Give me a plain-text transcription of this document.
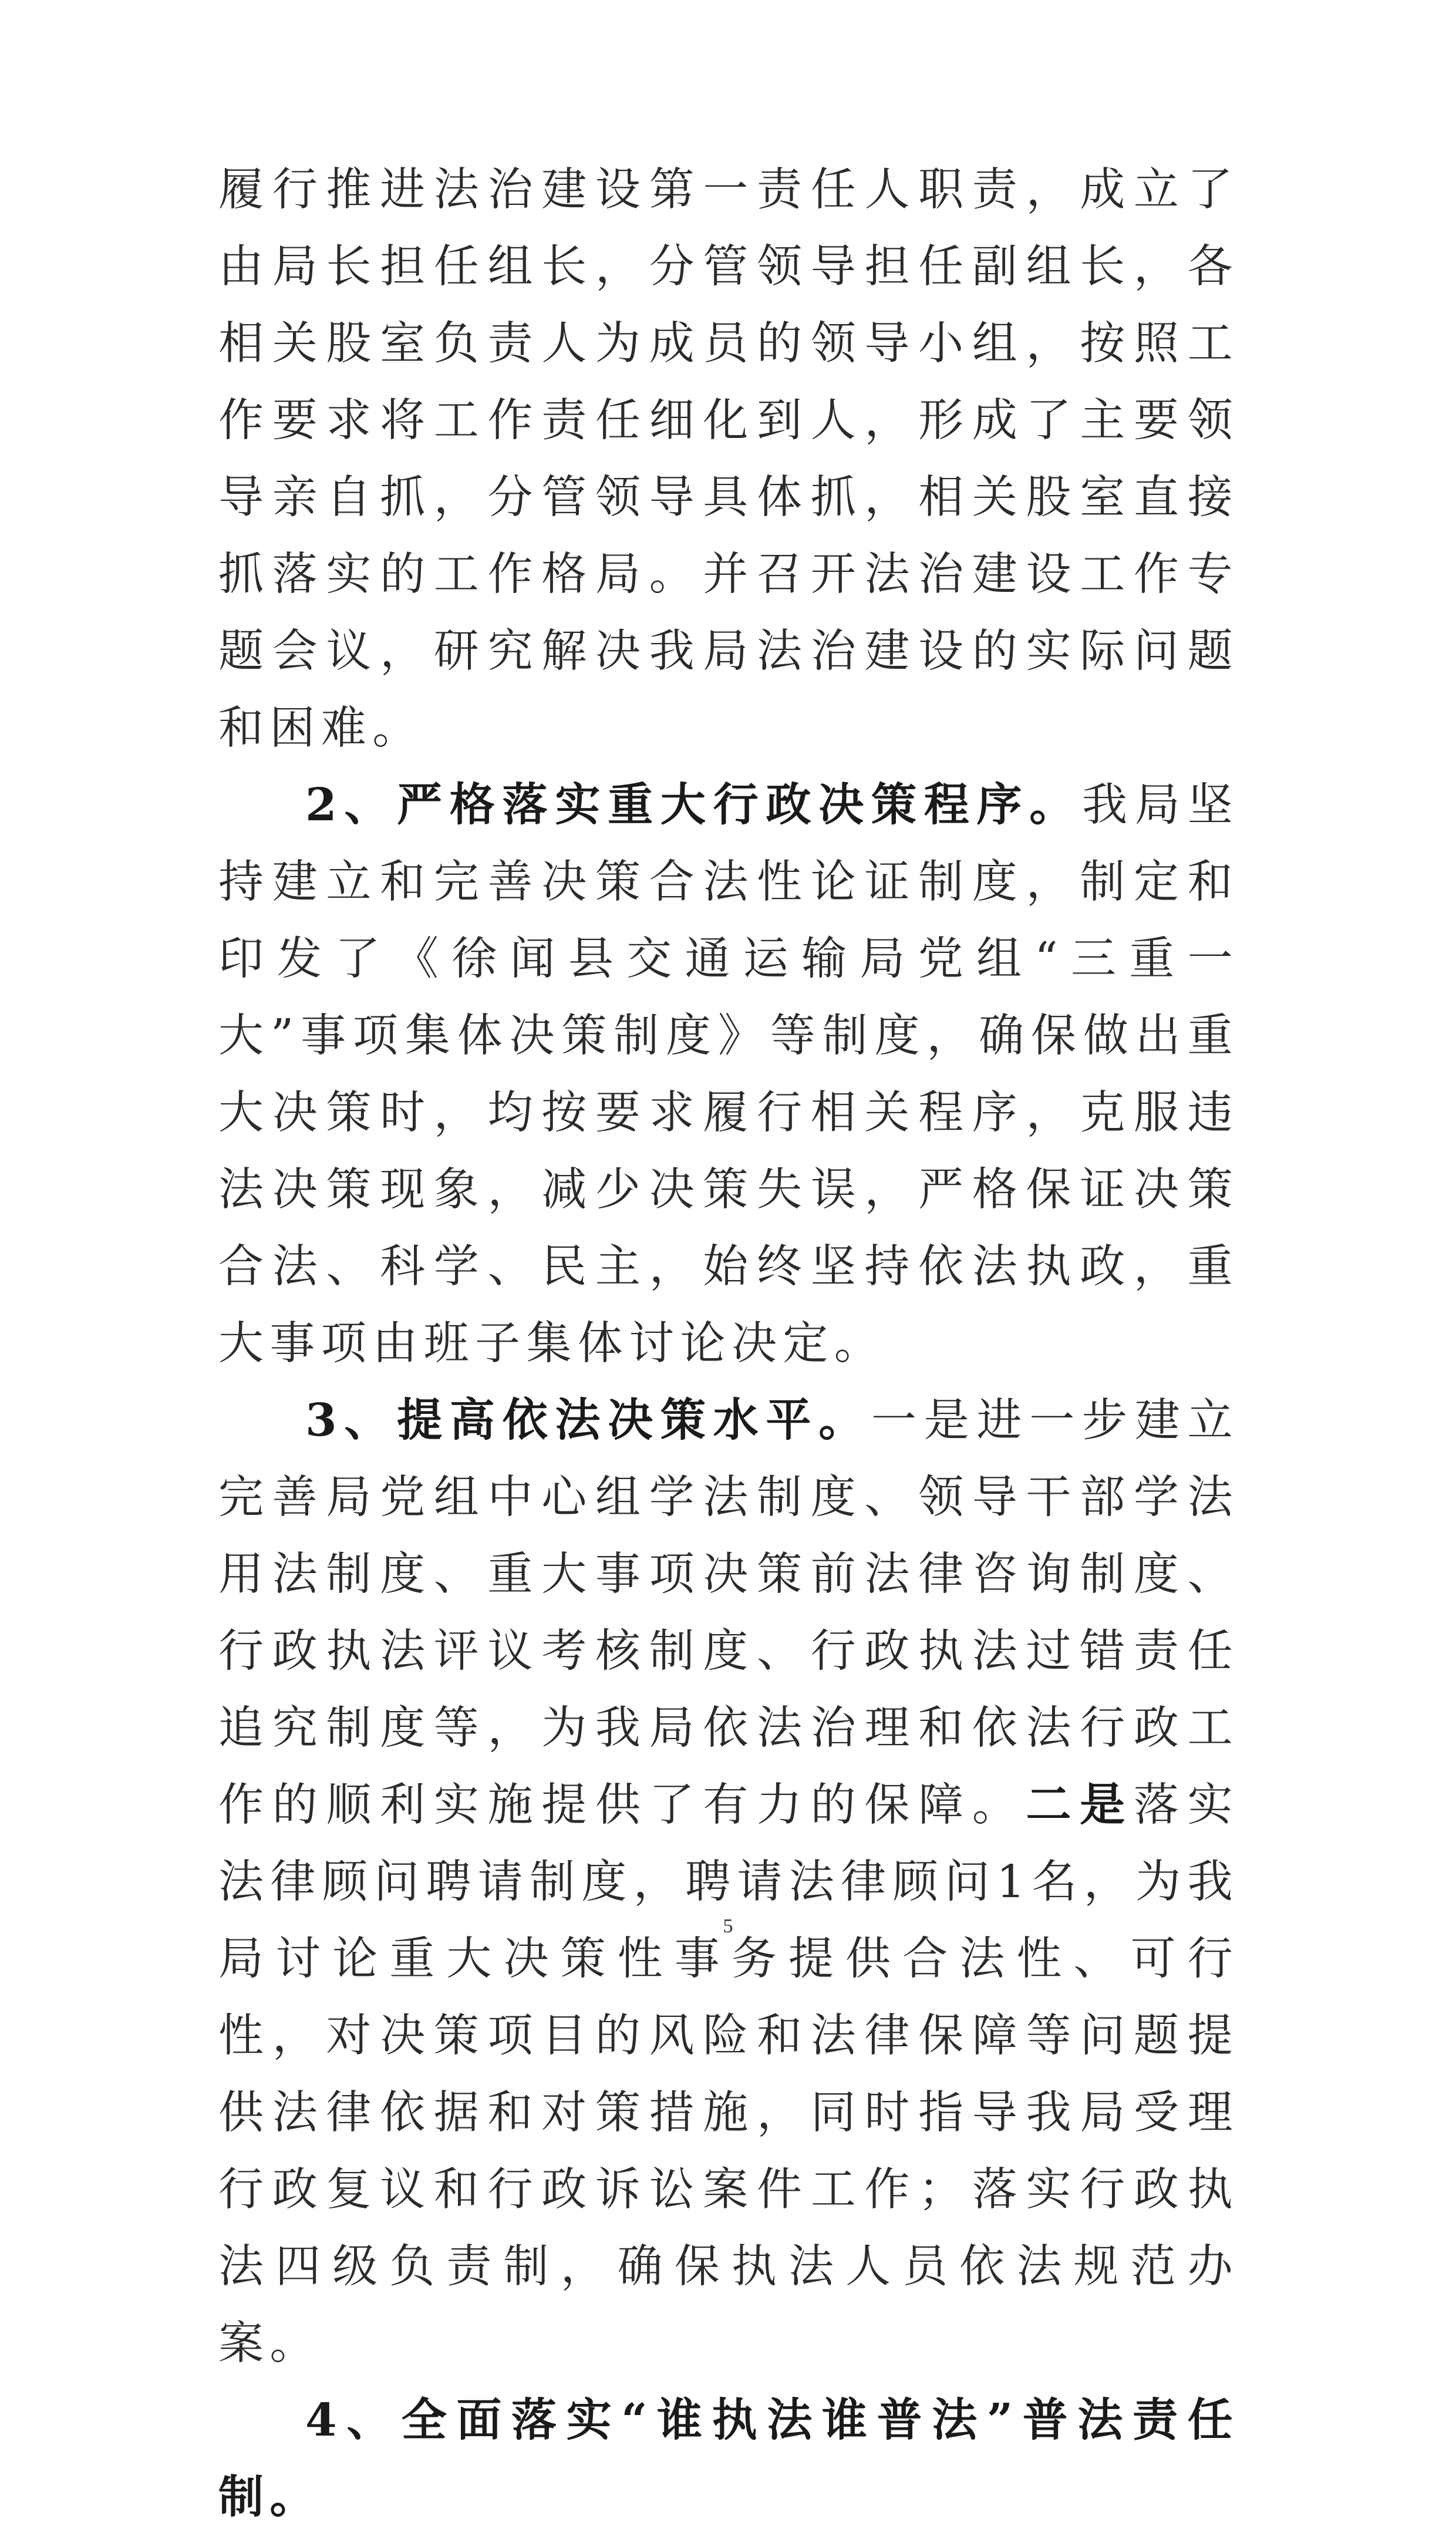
履行推进法治建设第一责任人职责，成立了由局长担任组长，分管领导担任副组长，各相关股室负责人为成员的领导小组，按照工作要求将工作责任细化到人，形成了主要领导亲自抓，分管领导具体抓，相关股室直接抓落实的工作格局。并召开法治建设工作专题会议，研究解决我局法治建设的实际问题和困难。

2、严格落实重大行政决策程序。我局坚持建立和完善决策合法性论证制度，制定和印发了《徐闻县交通运输局党组“三重一大”事项集体决策制度》等制度，确保做出重大决策时，均按要求履行相关程序，克服违法决策现象，减少决策失误，严格保证决策合法、科学、民主，始终坚持依法执政，重大事项由班子集体讨论决定。

3、提高依法决策水平。一是进一步建立完善局党组中心组学法制度、领导干部学法用法制度、重大事项决策前法律咨询制度、行政执法评议考核制度、行政执法过错责任追究制度等，为我局依法治理和依法行政工作的顺利实施提供了有力的保障。二是落实法律顾问聘请制度，聘请法律顾问1名，为我局讨论重大决策性事务提供合法性、可行性，对决策项目的风险和法律保障等问题提供法律依据和对策措施，同时指导我局受理行政复议和行政诉讼案件工作；落实行政执法四级负责制，确保执法人员依法规范办案。

4、全面落实“谁执法谁普法”普法责任制。

5
